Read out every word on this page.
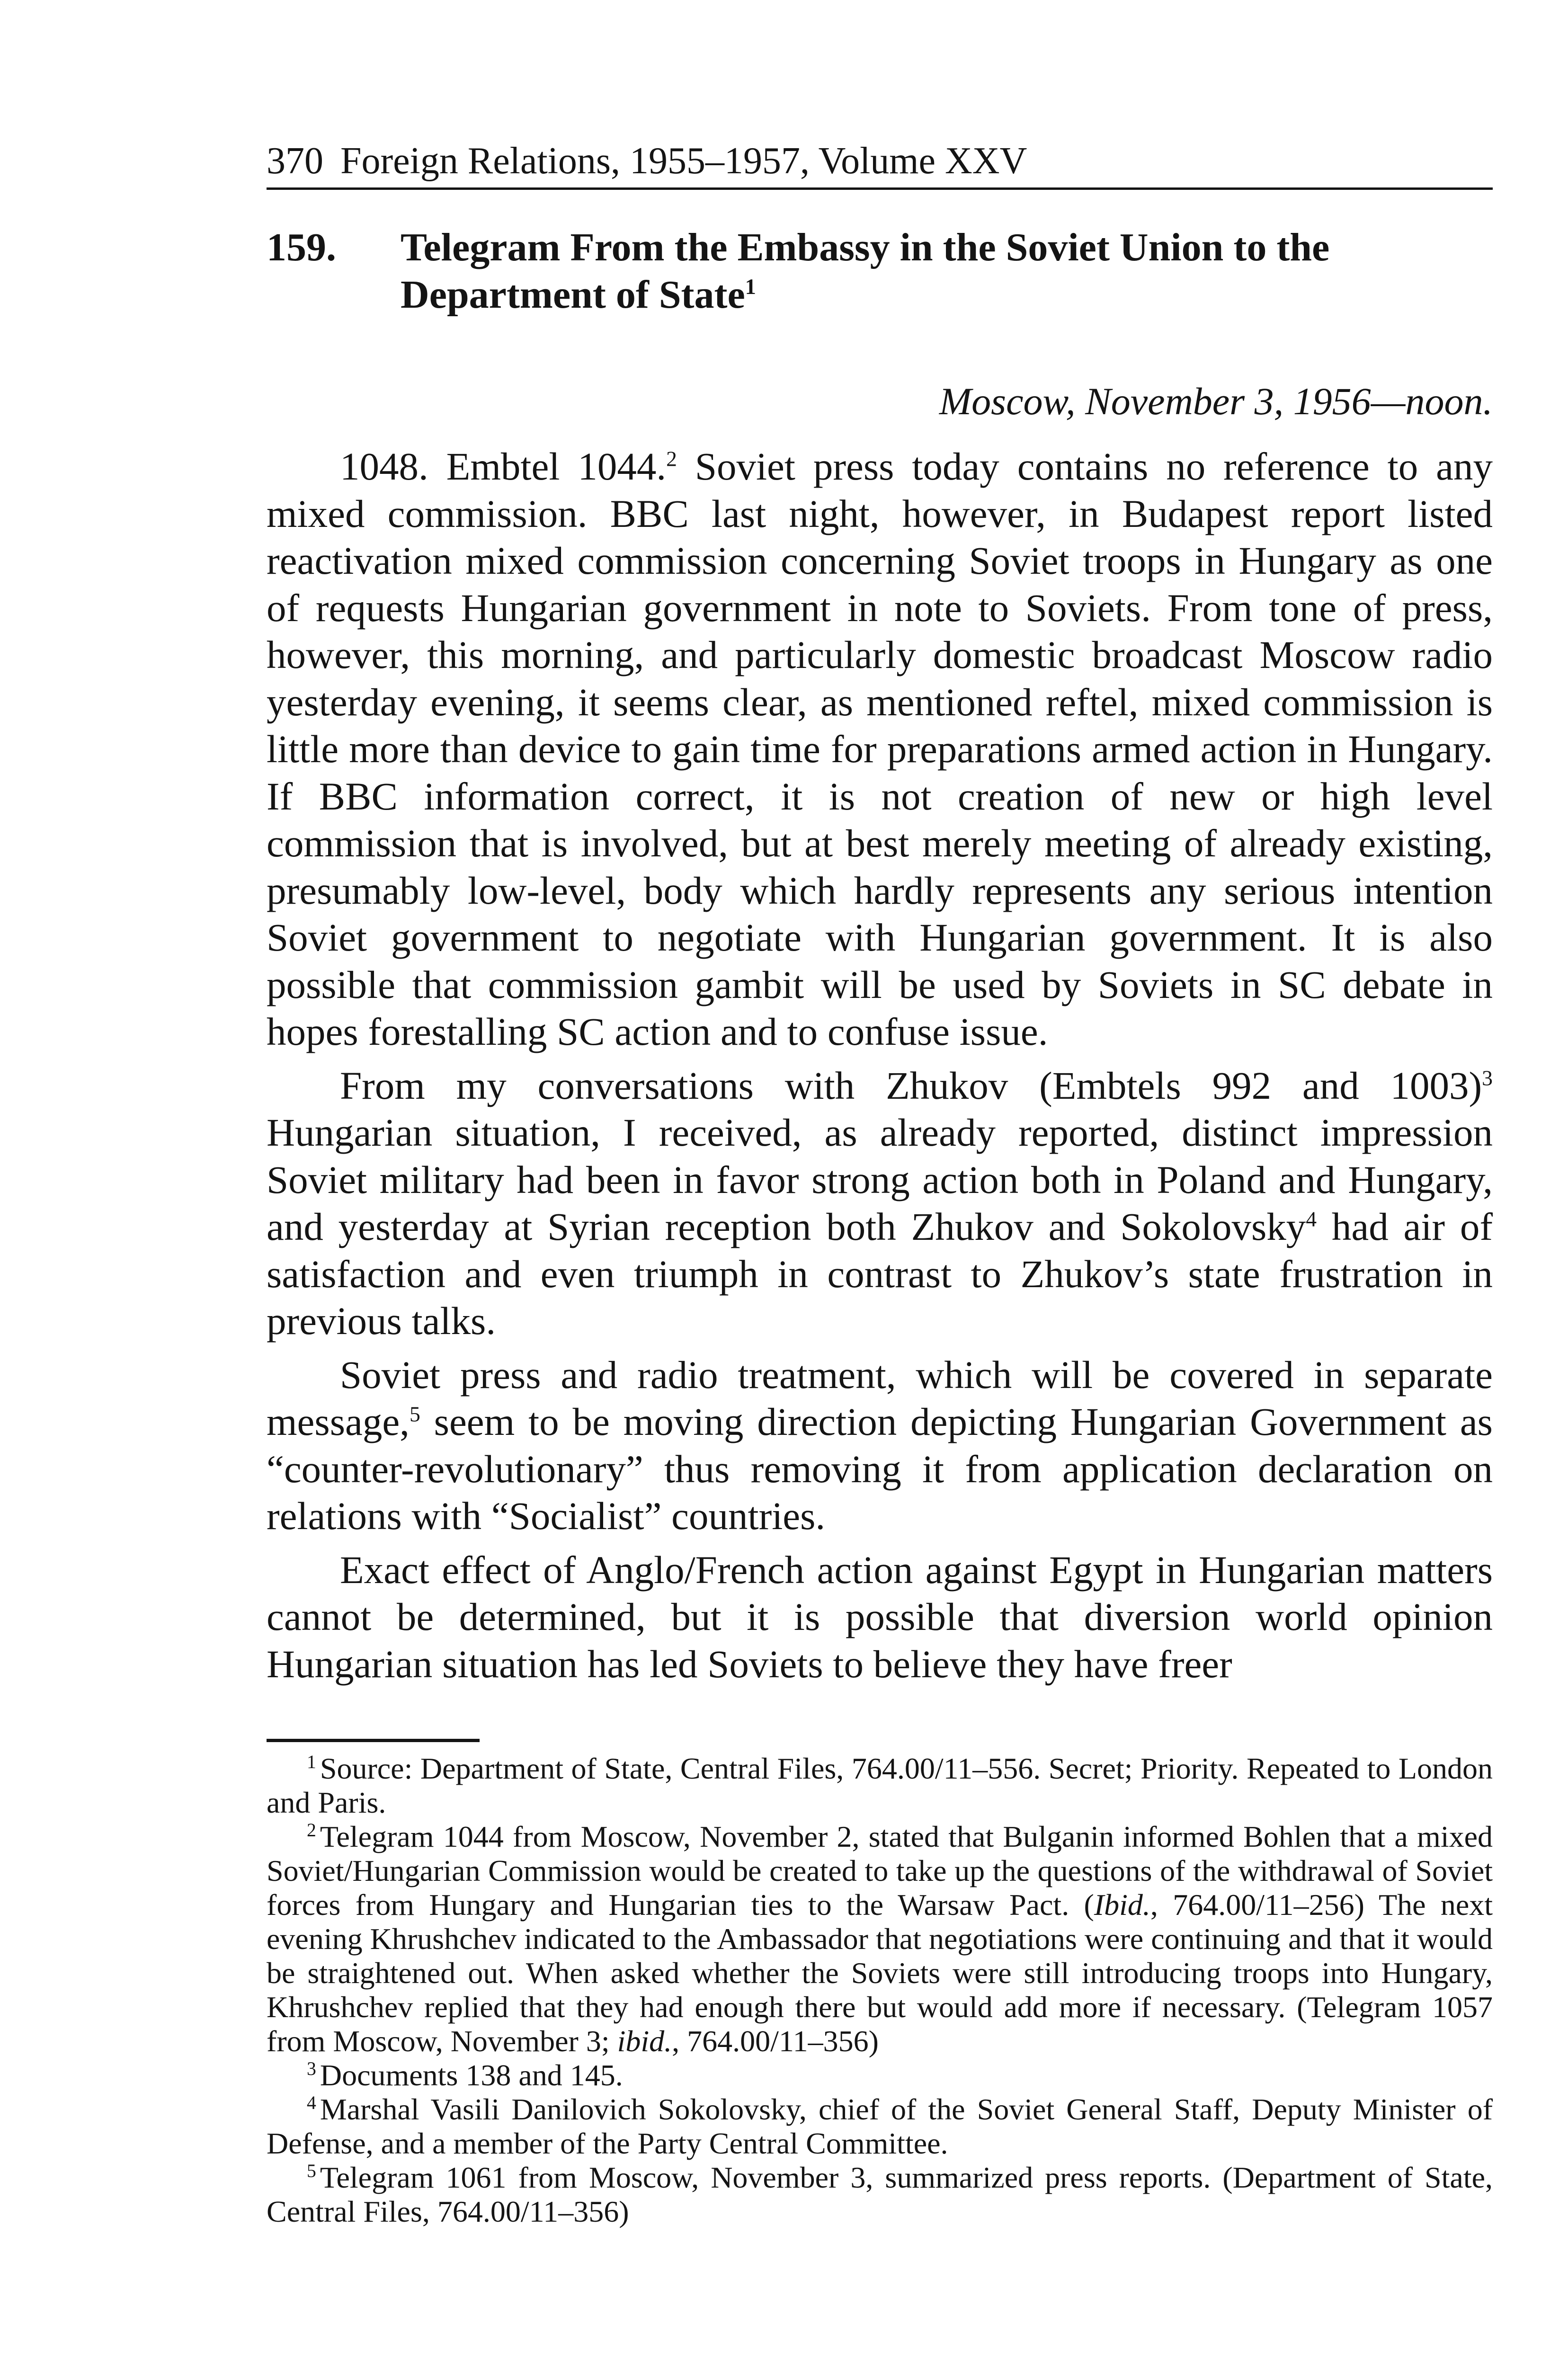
370 Foreign Relations, 1955–1957, Volume XXV
159. Telegram From the Embassy in the Soviet Union to the Department of State$^1$
Moscow, November 3, 1956—noon.

1048. Embtel 1044.$^2$ Soviet press today contains no reference to any mixed commission. BBC last night, however, in Budapest report listed reactivation mixed commission concerning Soviet troops in Hungary as one of requests Hungarian government in note to Soviets. From tone of press, however, this morning, and particularly domestic broadcast Moscow radio yesterday evening, it seems clear, as mentioned reftel, mixed commission is little more than device to gain time for preparations armed action in Hungary. If BBC information correct, it is not creation of new or high level commission that is involved, but at best merely meeting of already existing, presumably low-level, body which hardly represents any serious intention Soviet government to negotiate with Hungarian government. It is also possible that commission gambit will be used by Soviets in SC debate in hopes forestalling SC action and to confuse issue.

From my conversations with Zhukov (Embtels 992 and 1003)$^3$ Hungarian situation, I received, as already reported, distinct impression Soviet military had been in favor strong action both in Poland and Hungary, and yesterday at Syrian reception both Zhukov and Sokolovsky$^4$ had air of satisfaction and even triumph in contrast to Zhukov’s state frustration in previous talks.

Soviet press and radio treatment, which will be covered in separate message,$^5$ seem to be moving direction depicting Hungarian Government as “counter-revolutionary” thus removing it from application declaration on relations with “Socialist” countries.

Exact effect of Anglo/French action against Egypt in Hungarian matters cannot be determined, but it is possible that diversion world opinion Hungarian situation has led Soviets to believe they have freer

$^1$ Source: Department of State, Central Files, 764.00/11–556. Secret; Priority. Repeated to London and Paris.

$^2$ Telegram 1044 from Moscow, November 2, stated that Bulganin informed Bohlen that a mixed Soviet/Hungarian Commission would be created to take up the questions of the withdrawal of Soviet forces from Hungary and Hungarian ties to the Warsaw Pact. (Ibid., 764.00/11–256) The next evening Khrushchev indicated to the Ambassador that negotiations were continuing and that it would be straightened out. When asked whether the Soviets were still introducing troops into Hungary, Khrushchev replied that they had enough there but would add more if necessary. (Telegram 1057 from Moscow, November 3; ibid., 764.00/11–356)

$^3$ Documents 138 and 145.

$^4$ Marshal Vasili Danilovich Sokolovsky, chief of the Soviet General Staff, Deputy Minister of Defense, and a member of the Party Central Committee.

$^5$ Telegram 1061 from Moscow, November 3, summarized press reports. (Department of State, Central Files, 764.00/11–356)
